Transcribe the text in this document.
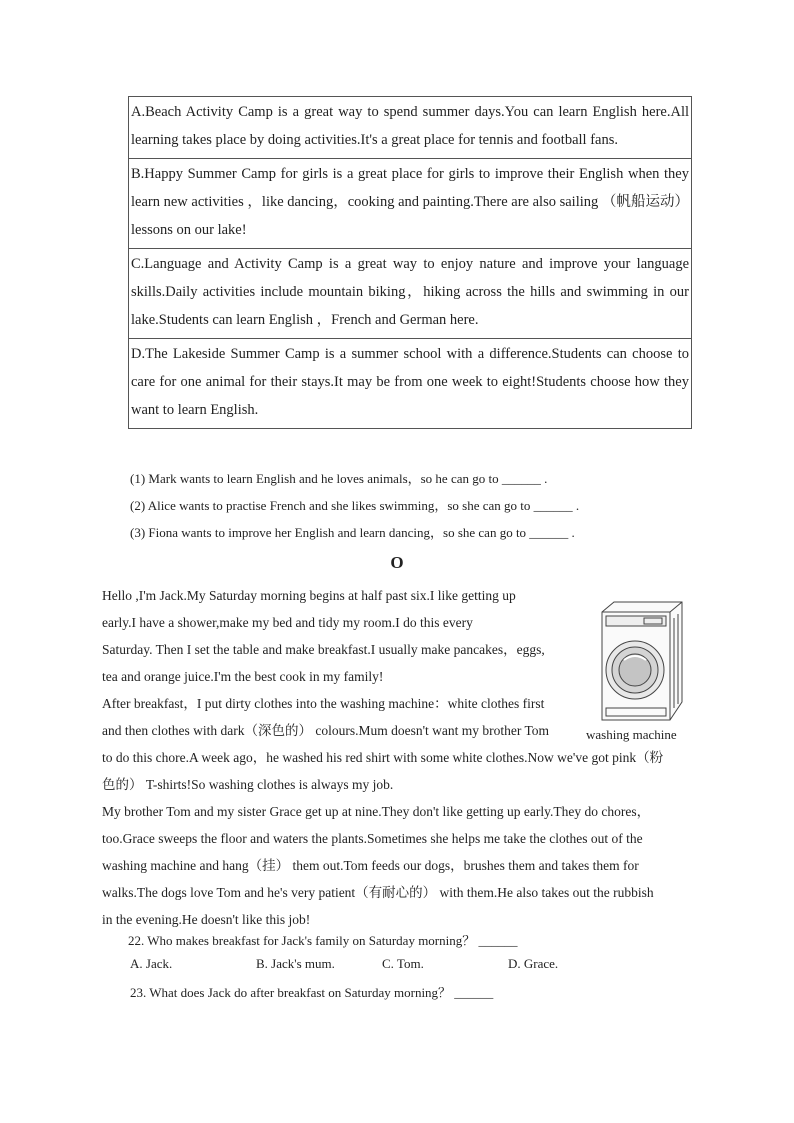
A.Beach Activity Camp is a great way to spend summer days.You can learn English here.All learning takes place by doing activities.It's a great place for tennis and football fans.
B.Happy Summer Camp for girls is a great place for girls to improve their English when they learn new activities ，like dancing，cooking and painting.There are also sailing （帆船运动）lessons on our lake!
C.Language and Activity Camp is a great way to enjoy nature and improve your language skills.Daily activities include mountain biking，hiking across the hills and swimming in our lake.Students can learn English ，French and German here.
D.The Lakeside Summer Camp is a summer school with a difference.Students can choose to care for one animal for their stays.It may be from one week to eight!Students choose how they want to learn English.
(1) Mark wants to learn English and he loves animals，so he can go to ______ .
(2) Alice wants to practise French and she likes swimming，so she can go to ______ .
(3) Fiona wants to improve her English and learn dancing，so she can go to ______ .
O
Hello ,I'm Jack.My Saturday morning begins at half past six.I like getting up
early.I have a shower,make my bed and tidy my room.I do this every
Saturday. Then I set the table and make breakfast.I usually make pancakes，eggs,
tea and orange juice.I'm the best cook in my family!
After breakfast，I put dirty clothes into the washing machine：white clothes first
and then clothes with dark（深色的） colours.Mum doesn't want my brother Tom
to do this chore.A week ago，he washed his red shirt with some white clothes.Now we've got pink（粉
色的） T-shirts!So washing clothes is always my job.
My brother Tom and my sister Grace get up at nine.They don't like getting up early.They do chores，
too.Grace sweeps the floor and waters the plants.Sometimes she helps me take the clothes out of the
washing machine and hang（挂） them out.Tom feeds our dogs，brushes them and takes them for
walks.The dogs love Tom and he's very patient（有耐心的） with them.He also takes out the rubbish
in the evening.He doesn't like this job!
washing machine
22. Who makes breakfast for Jack's family on Saturday morning？ ______
A. Jack.	B. Jack's mum.	C. Tom.	D. Grace.
23. What does Jack do after breakfast on Saturday morning？ ______
